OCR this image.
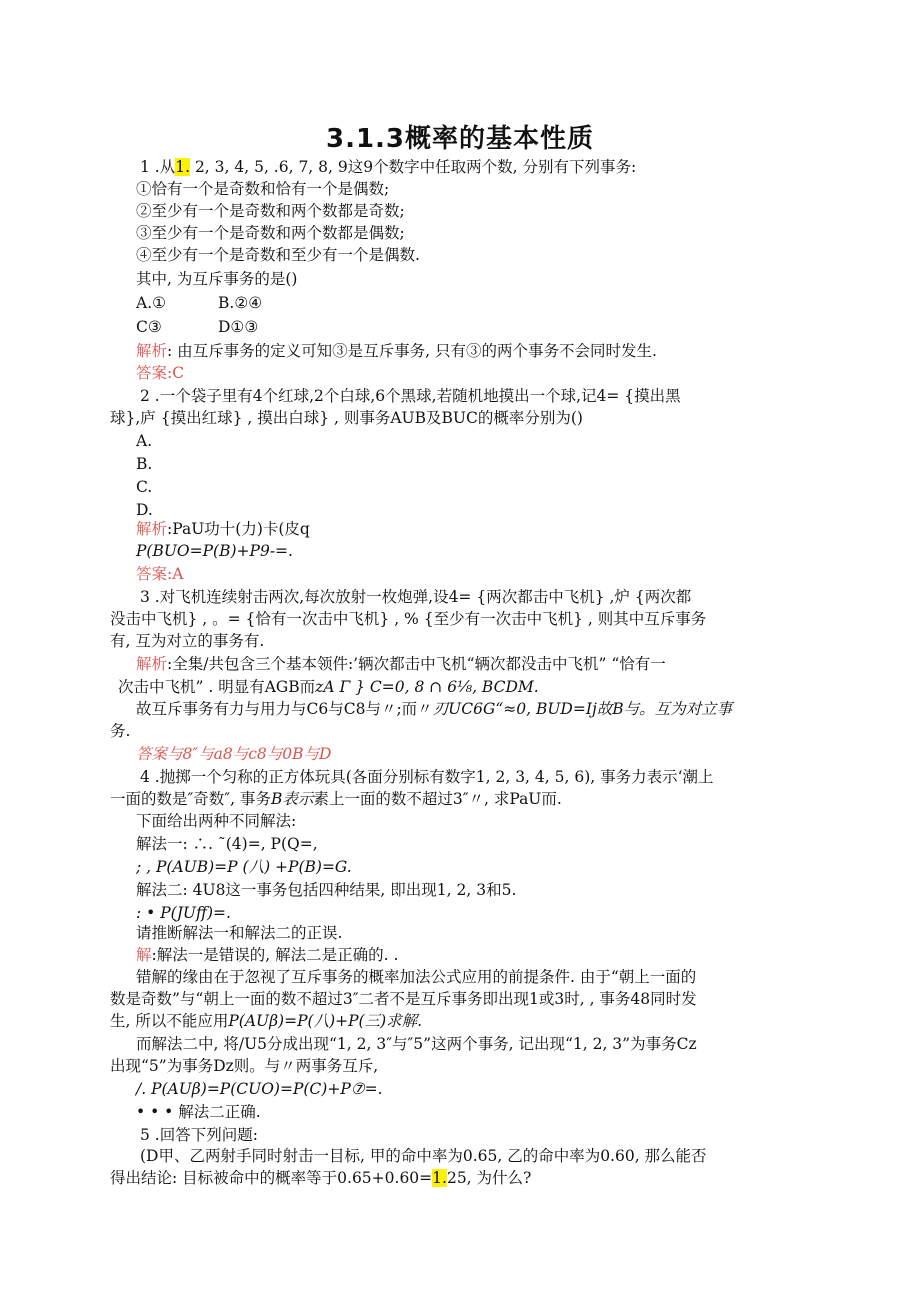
3.1.3概率的基本性质
1 .从1. 2, 3, 4, 5, .6, 7, 8, 9这9个数字中任取两个数, 分别有下列事务:
①恰有一个是奇数和恰有一个是偶数;
②至少有一个是奇数和两个数都是奇数;
③至少有一个是奇数和两个数都是偶数;
④至少有一个是奇数和至少有一个是偶数.
其中, 为互斥事务的是()
A.①	B.②④
C③	D①③
解析: 由互斥事务的定义可知③是互斥事务, 只有③的两个事务不会同时发生.
答案:C
2 .一个袋子里有4个红球,2个白球,6个黑球,若随机地摸出一个球,记4= {摸出黑
球},庐 {摸出红球} , 摸出白球} , 则事务AUB及BUC的概率分别为()
A.
B.
C.
D.
解析:PaU功十(力)卡(皮q
P(BUO=P(B)+P9-=.
答案:A
3 .对飞机连续射击两次,每次放射一枚炮弹,设4= {两次都击中飞机} ,炉 {两次都
没击中飞机} , 。= {恰有一次击中飞机} , % {至少有一次击中飞机} , 则其中互斥事务
有, 互为对立的事务有.
解析:全集/共包含三个基本领件:’辆次都击中飞机“辆次都没击中飞机” “恰有一
次击中飞机” . 明显有AGB而zA Γ } C=0, 8 ∩ 6⅛, BCDM.
故互斥事务有力与用力与C6与C8与〃;而〃刃UC6G“≈0, BUD=Ij故B与。互为对立事
务.
答案与8″与a8与c8与0B与D
4 .抛掷一个匀称的正方体玩具(各面分别标有数字1, 2, 3, 4, 5, 6), 事务力表示‘潮上
一面的数是″奇数″, 事务B表示素上一面的数不超过3″〃, 求PaU而.
下面给出两种不同解法:
解法一: ∴. ˜(4)=, P(Q=,
; , P(AUB)=P (八) +P(B)=G.
解法二: 4U8这一事务包括四种结果, 即出现1, 2, 3和5.
: • P(JUff)=.
请推断解法一和解法二的正误.
解:解法一是错误的, 解法二是正确的. .
错解的缘由在于忽视了互斥事务的概率加法公式应用的前提条件. 由于“朝上一面的
数是奇数”与“朝上一面的数不超过3″二者不是互斥事务即出现1或3时, , 事务48同时发
生, 所以不能应用P(AUβ)=P(八)+P(三)求解.
而解法二中, 将/U5分成出现“1, 2, 3″与″5”这两个事务, 记出现“1, 2, 3”为事务Cz
出现“5”为事务Dz则。与〃两事务互斥,
/. P(AUβ)=P(CUO)=P(C)+P⑦=.
• • • 解法二正确.
5 .回答下列问题:
(D甲、乙两射手同时射击一目标, 甲的命中率为0.65, 乙的命中率为0.60, 那么能否
得出结论: 目标被命中的概率等于0.65+0.60=1.25, 为什么?
